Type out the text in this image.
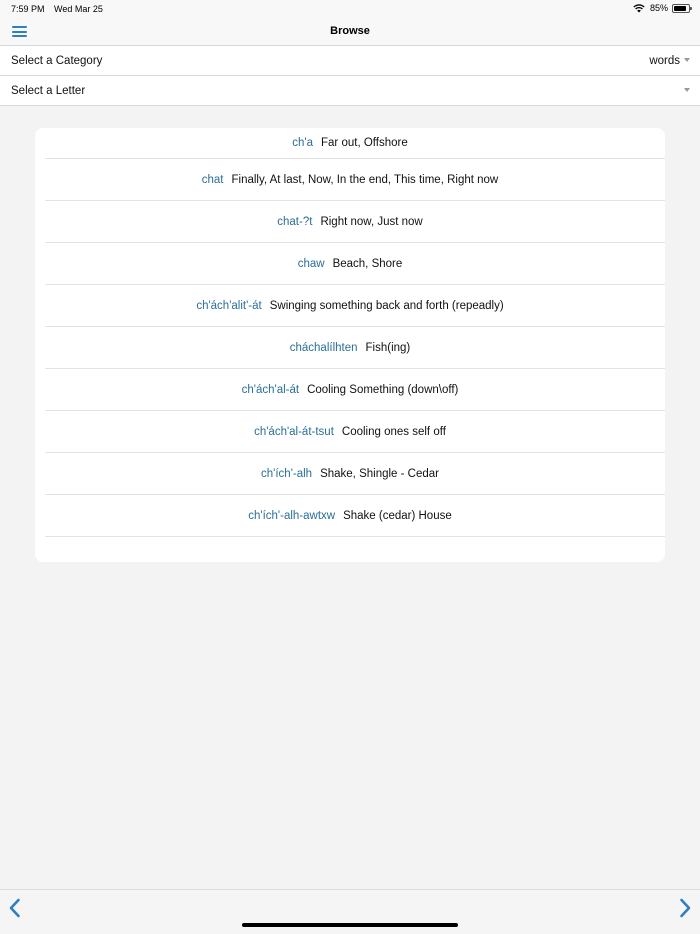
7:59 PM Wed Mar 25	85%
Browse
Select a Category	words
Select a Letter
ch'a Far out, Offshore
chat Finally, At last, Now, In the end, This time, Right now
chat-?t Right now, Just now
chaw Beach, Shore
ch'ách'alit'-át Swinging something back and forth (repeadly)
cháchalílhten Fish(ing)
ch'ách'al-át Cooling Something (down\off)
ch'ách'al-át-tsut Cooling ones self off
ch'ích'-alh Shake, Shingle - Cedar
ch'ích'-alh-awtxw Shake (cedar) House
